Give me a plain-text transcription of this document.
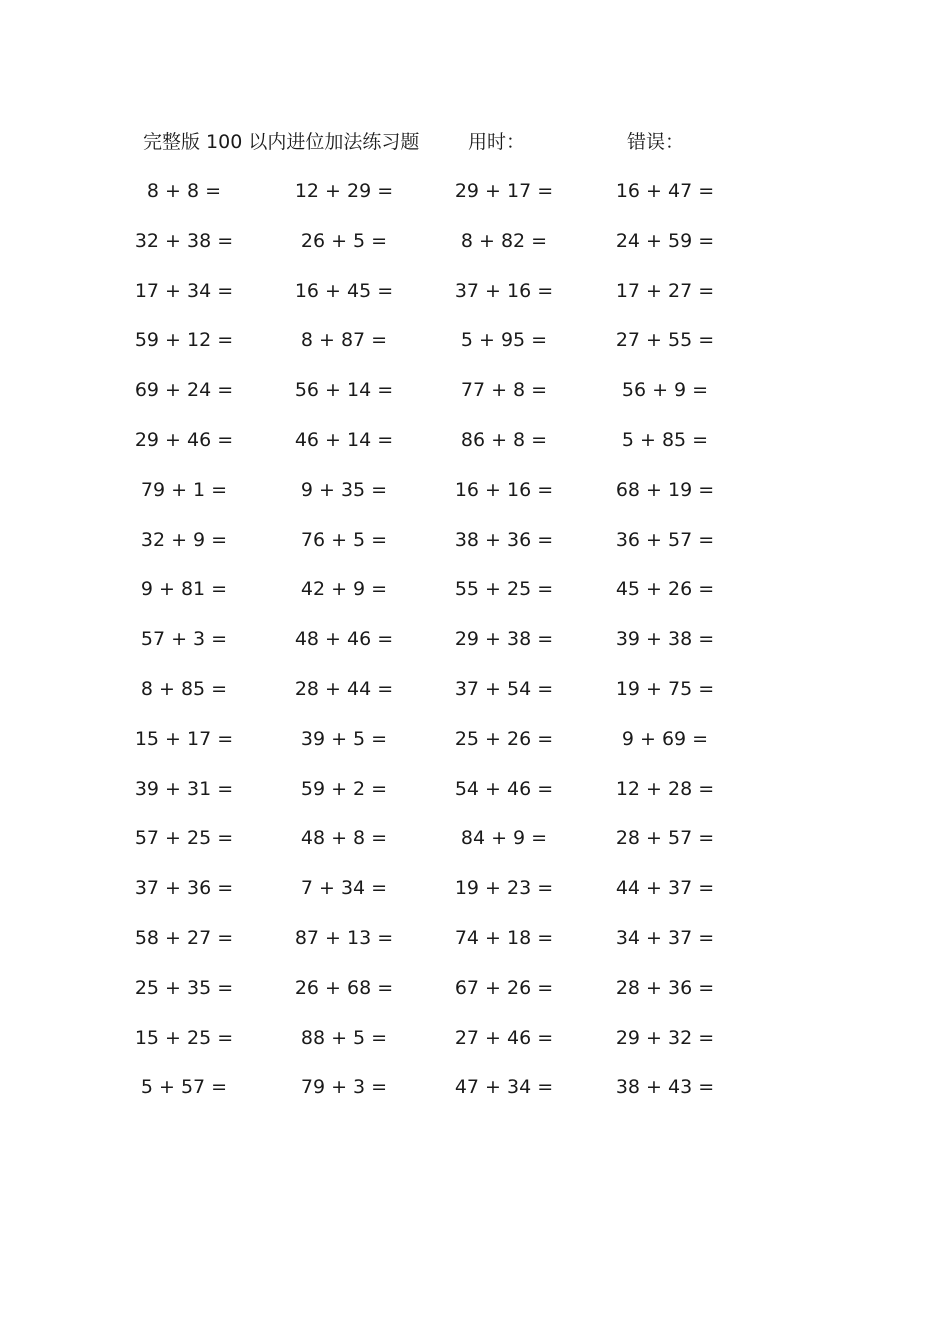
完整版 100 以内进位加法练习题	用时：	错误：
8 + 8 =	12 + 29 =	29 + 17 =	16 + 47 =
32 + 38 =	26 + 5 =	8 + 82 =	24 + 59 =
17 + 34 =	16 + 45 =	37 + 16 =	17 + 27 =
59 + 12 =	8 + 87 =	5 + 95 =	27 + 55 =
69 + 24 =	56 + 14 =	77 + 8 =	56 + 9 =
29 + 46 =	46 + 14 =	86 + 8 =	5 + 85 =
79 + 1 =	9 + 35 =	16 + 16 =	68 + 19 =
32 + 9 =	76 + 5 =	38 + 36 =	36 + 57 =
9 + 81 =	42 + 9 =	55 + 25 =	45 + 26 =
57 + 3 =	48 + 46 =	29 + 38 =	39 + 38 =
8 + 85 =	28 + 44 =	37 + 54 =	19 + 75 =
15 + 17 =	39 + 5 =	25 + 26 =	9 + 69 =
39 + 31 =	59 + 2 =	54 + 46 =	12 + 28 =
57 + 25 =	48 + 8 =	84 + 9 =	28 + 57 =
37 + 36 =	7 + 34 =	19 + 23 =	44 + 37 =
58 + 27 =	87 + 13 =	74 + 18 =	34 + 37 =
25 + 35 =	26 + 68 =	67 + 26 =	28 + 36 =
15 + 25 =	88 + 5 =	27 + 46 =	29 + 32 =
5 + 57 =	79 + 3 =	47 + 34 =	38 + 43 =
